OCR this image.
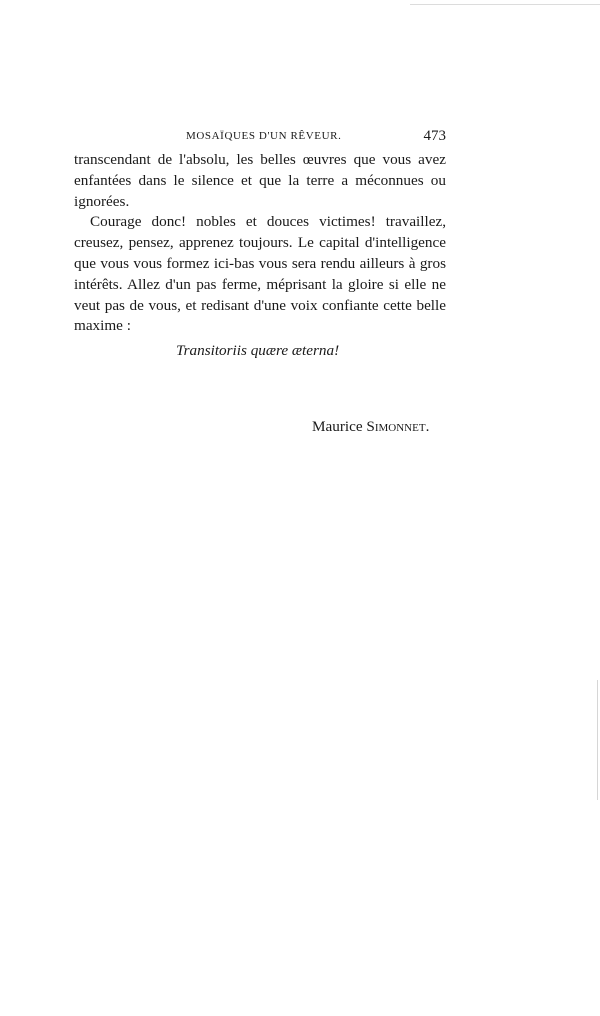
MOSAÏQUES D'UN RÊVEUR.	473
transcendant de l'absolu, les belles œuvres que vous avez
enfantées dans le silence et que la terre a méconnues ou
ignorées.
Courage donc! nobles et douces victimes! travaillez,
creusez, pensez, apprenez toujours. Le capital d'intelligence
que vous vous formez ici-bas vous sera rendu ailleurs à gros
intérêts. Allez d'un pas ferme, méprisant la gloire si elle ne
veut pas de vous, et redisant d'une voix confiante cette belle
maxime :
Transitoriis quære æterna!
Maurice Simonnet.
